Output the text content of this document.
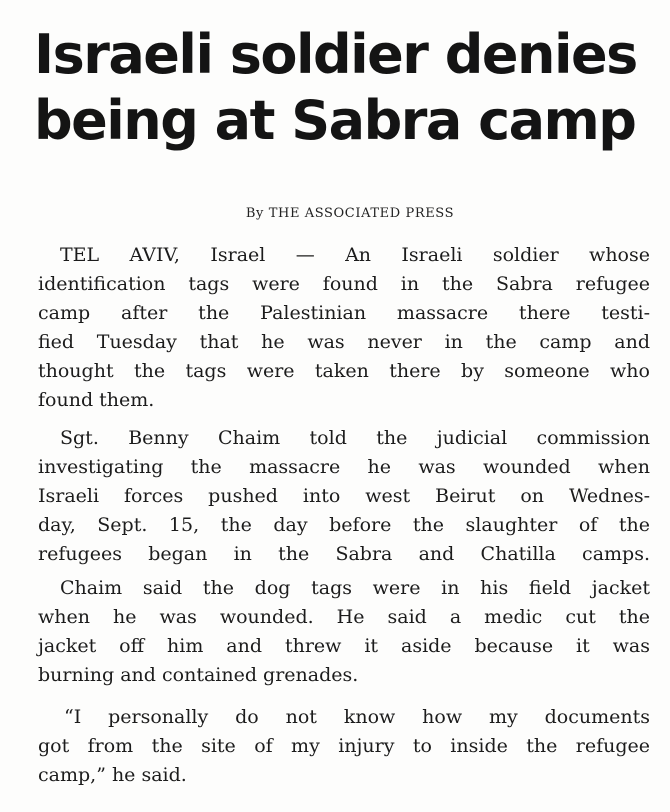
Israeli soldier denies
being at Sabra camp
By THE ASSOCIATED PRESS
TEL AVIV, Israel — An Israeli soldier whose
identification tags were found in the Sabra refugee
camp after the Palestinian massacre there testi-
fied Tuesday that he was never in the camp and
thought the tags were taken there by someone who
found them.
Sgt. Benny Chaim told the judicial commission
investigating the massacre he was wounded when
Israeli forces pushed into west Beirut on Wednes-
day, Sept. 15, the day before the slaughter of the
refugees began in the Sabra and Chatilla camps.
Chaim said the dog tags were in his field jacket
when he was wounded. He said a medic cut the
jacket off him and threw it aside because it was
burning and contained grenades.
“I personally do not know how my documents
got from the site of my injury to inside the refugee
camp,” he said.
